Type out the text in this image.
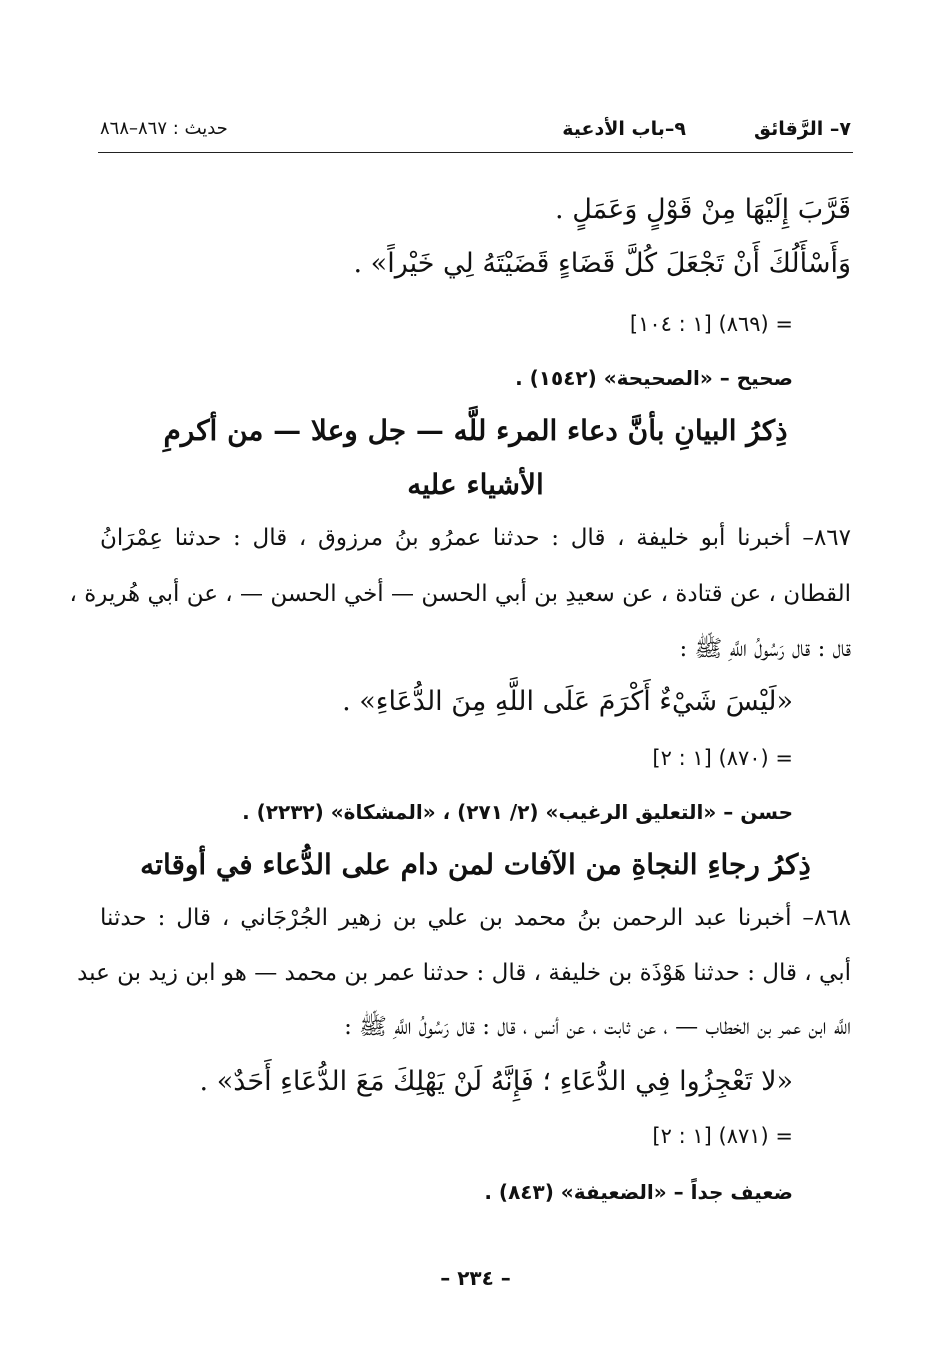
٧– الرَّقائق
٩–باب الأدعية
حديث : ٨٦٧–٨٦٨
قَرَّبَ إِلَيْهَا مِنْ قَوْلٍ وَعَمَلٍ .
وَأَسْأَلُكَ أَنْ تَجْعَلَ كُلَّ قَضَاءٍ قَضَيْتَهُ لِي خَيْراً» .
= (٨٦٩) [١ : ١٠٤]
صحيح – «الصحيحة» (١٥٤٢) .
ذِكرُ البيانِ بأنَّ دعاء المرء للَّه — جل وعلا — من أكرمِ
الأشياء عليه
٨٦٧– أخبرنا أبو خليفة ، قال : حدثنا عمرُو بنُ مرزوق ، قال : حدثنا عِمْرَانُ
القطان ، عن قتادة ، عن سعيدِ بن أبي الحسن — أخي الحسن — ، عن أبي هُريرة ،
قال : قال رَسُولُ اللَّهِ ﷺ :
«لَيْسَ شَيْءٌ أَكْرَمَ عَلَى اللَّهِ مِنَ الدُّعَاءِ» .
= (٨٧٠) [١ : ٢]
حسن – «التعليق الرغيب» (٢/ ٢٧١) ، «المشكاة» (٢٢٣٢) .
ذِكرُ رجاءِ النجاةِ من الآفات لمن دام على الدُّعاء في أوقاته
٨٦٨– أخبرنا عبد الرحمن بنُ محمد بن علي بن زهير الجُرْجَاني ، قال : حدثنا
أبي ، قال : حدثنا هَوْذَة بن خليفة ، قال : حدثنا عمر بن محمد — هو ابن زيد بن عبد
اللَّه ابن عمر بن الخطاب — ، عن ثابت ، عن أنس ، قال : قال رَسُولُ اللَّهِ ﷺ :
«لا تَعْجِزُوا فِي الدُّعَاءِ ؛ فَإِنَّهُ لَنْ يَهْلِكَ مَعَ الدُّعَاءِ أَحَدٌ» .
= (٨٧١) [١ : ٢]
ضعيف جداً – «الضعيفة» (٨٤٣) .
– ٢٣٤ –
